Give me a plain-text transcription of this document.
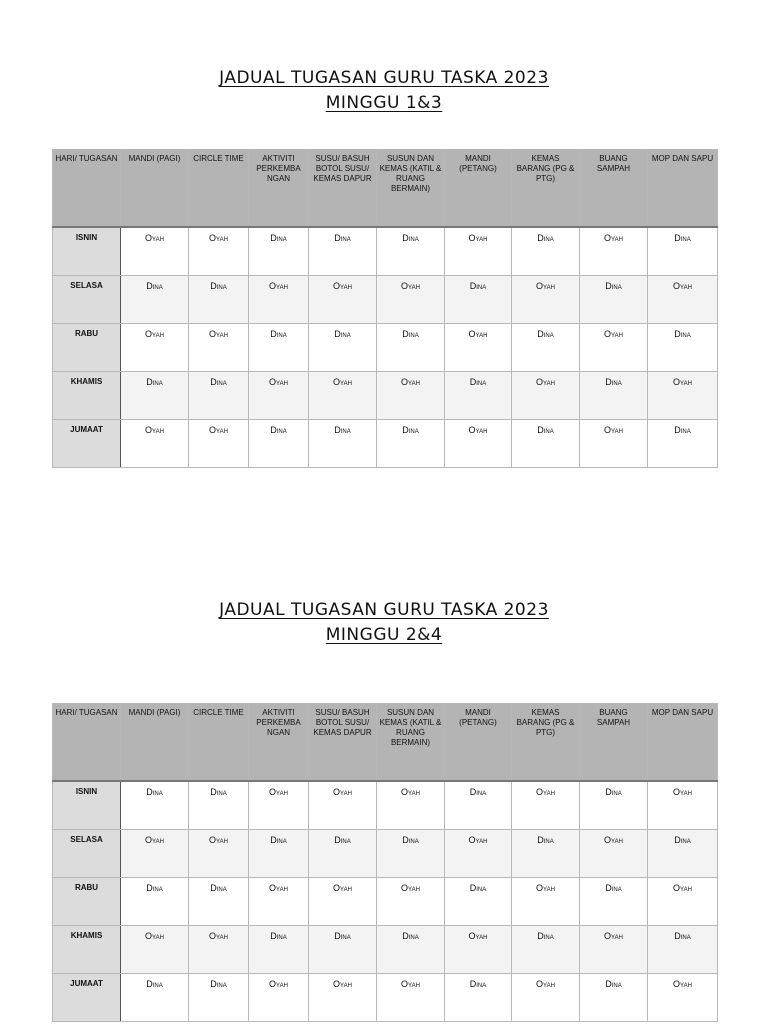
JADUAL TUGASAN GURU TASKA 2023
MINGGU 1&3
HARI/ TUGASAN	MANDI (PAGI)	CIRCLE TIME	AKTIVITI PERKEMBA NGAN	SUSU/ BASUH BOTOL SUSU/ KEMAS DAPUR	SUSUN DAN KEMAS (KATIL & RUANG BERMAIN)	MANDI (PETANG)	KEMAS BARANG (PG & PTG)	BUANG SAMPAH	MOP DAN SAPU
ISNIN	Oyah	Oyah	Dina	Dina	Dina	Oyah	Dina	Oyah	Dina
SELASA	Dina	Dina	Oyah	Oyah	Oyah	Dina	Oyah	Dina	Oyah
RABU	Oyah	Oyah	Dina	Dina	Dina	Oyah	Dina	Oyah	Dina
KHAMIS	Dina	Dina	Oyah	Oyah	Oyah	Dina	Oyah	Dina	Oyah
JUMAAT	Oyah	Oyah	Dina	Dina	Dina	Oyah	Dina	Oyah	Dina
JADUAL TUGASAN GURU TASKA 2023
MINGGU 2&4
HARI/ TUGASAN	MANDI (PAGI)	CIRCLE TIME	AKTIVITI PERKEMBA NGAN	SUSU/ BASUH BOTOL SUSU/ KEMAS DAPUR	SUSUN DAN KEMAS (KATIL & RUANG BERMAIN)	MANDI (PETANG)	KEMAS BARANG (PG & PTG)	BUANG SAMPAH	MOP DAN SAPU
ISNIN	Dina	Dina	Oyah	Oyah	Oyah	Dina	Oyah	Dina	Oyah
SELASA	Oyah	Oyah	Dina	Dina	Dina	Oyah	Dina	Oyah	Dina
RABU	Dina	Dina	Oyah	Oyah	Oyah	Dina	Oyah	Dina	Oyah
KHAMIS	Oyah	Oyah	Dina	Dina	Dina	Oyah	Dina	Oyah	Dina
JUMAAT	Dina	Dina	Oyah	Oyah	Oyah	Dina	Oyah	Dina	Oyah
